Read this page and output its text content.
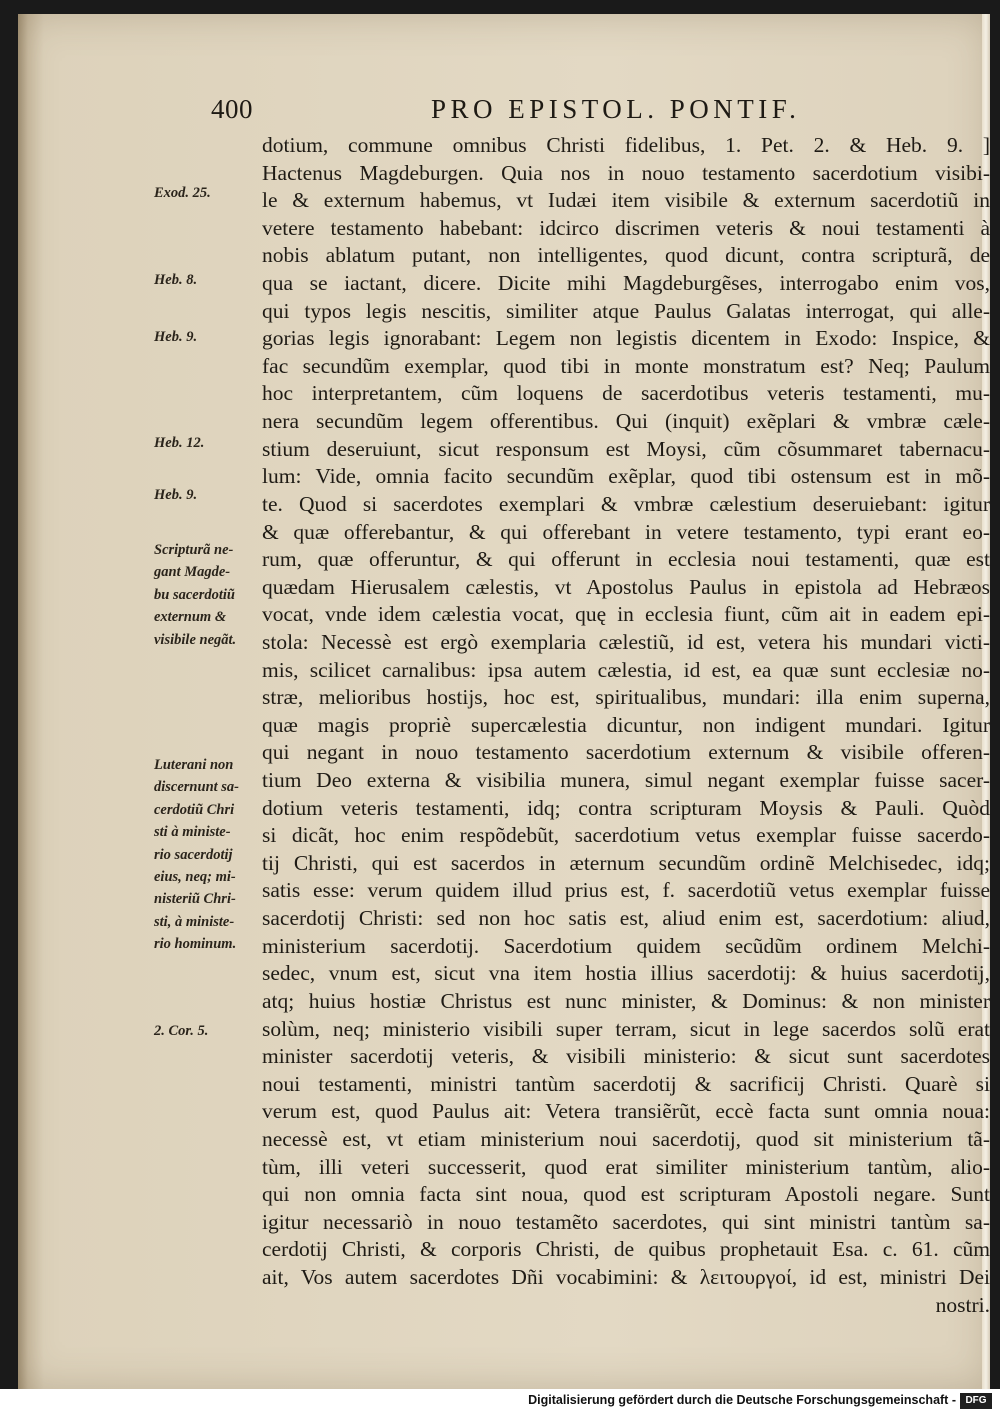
400	PRO EPISTOL. PONTIF.
Exod. 25.
Heb. 8.
Heb. 9.
Heb. 12.
Heb. 9.
Scripturã ne-
gant Magde-
bu sacerdotiũ
externum &
visibile negãt.
Luterani non
discernunt sa-
cerdotiũ Chri
sti à ministe-
rio sacerdotij
eius, neq; mi-
nisteriũ Chri-
sti, à ministe-
rio hominum.
2. Cor. 5.
dotium, commune omnibus Christi fidelibus, 1. Pet. 2. & Heb. 9. ]
Hactenus Magdeburgen. Quia nos in nouo testamento sacerdotium visibi-
le & externum habemus, vt Iudæi item visibile & externum sacerdotiũ in
vetere testamento habebant: idcirco discrimen veteris & noui testamenti à
nobis ablatum putant, non intelligentes, quod dicunt, contra scripturã, de
qua se iactant, dicere. Dicite mihi Magdeburgẽses, interrogabo enim vos,
qui typos legis nescitis, similiter atque Paulus Galatas interrogat, qui alle-
gorias legis ignorabant: Legem non legistis dicentem in Exodo: Inspice, &
fac secundũm exemplar, quod tibi in monte monstratum est? Neq; Paulum
hoc interpretantem, cũm loquens de sacerdotibus veteris testamenti, mu-
nera secundũm legem offerentibus. Qui (inquit) exẽplari & vmbræ cæle-
stium deseruiunt, sicut responsum est Moysi, cũm cõsummaret tabernacu-
lum: Vide, omnia facito secundũm exẽplar, quod tibi ostensum est in mõ-
te. Quod si sacerdotes exemplari & vmbræ cælestium deseruiebant: igitur
& quæ offerebantur, & qui offerebant in vetere testamento, typi erant eo-
rum, quæ offeruntur, & qui offerunt in ecclesia noui testamenti, quæ est
quædam Hierusalem cælestis, vt Apostolus Paulus in epistola ad Hebræos
vocat, vnde idem cælestia vocat, quę in ecclesia fiunt, cũm ait in eadem epi-
stola: Necessè est ergò exemplaria cælestiũ, id est, vetera his mundari victi-
mis, scilicet carnalibus: ipsa autem cælestia, id est, ea quæ sunt ecclesiæ no-
stræ, melioribus hostijs, hoc est, spiritualibus, mundari: illa enim superna,
quæ magis propriè supercælestia dicuntur, non indigent mundari. Igitur
qui negant in nouo testamento sacerdotium externum & visibile offeren-
tium Deo externa & visibilia munera, simul negant exemplar fuisse sacer-
dotium veteris testamenti, idq; contra scripturam Moysis & Pauli. Quòd
si dicãt, hoc enim respõdebũt, sacerdotium vetus exemplar fuisse sacerdo-
tij Christi, qui est sacerdos in æternum secundũm ordinẽ Melchisedec, idq;
satis esse: verum quidem illud prius est, f. sacerdotiũ vetus exemplar fuisse
sacerdotij Christi: sed non hoc satis est, aliud enim est, sacerdotium: aliud,
ministerium sacerdotij. Sacerdotium quidem secũdũm ordinem Melchi-
sedec, vnum est, sicut vna item hostia illius sacerdotij: & huius sacerdotij,
atq; huius hostiæ Christus est nunc minister, & Dominus: & non minister
solùm, neq; ministerio visibili super terram, sicut in lege sacerdos solũ erat
minister sacerdotij veteris, & visibili ministerio: & sicut sunt sacerdotes
noui testamenti, ministri tantùm sacerdotij & sacrificij Christi. Quarè si
verum est, quod Paulus ait: Vetera transiẽrũt, eccè facta sunt omnia noua:
necessè est, vt etiam ministerium noui sacerdotij, quod sit ministerium tã-
tùm, illi veteri successerit, quod erat similiter ministerium tantùm, alio-
qui non omnia facta sint noua, quod est scripturam Apostoli negare. Sunt
igitur necessariò in nouo testamẽto sacerdotes, qui sint ministri tantùm sa-
cerdotij Christi, & corporis Christi, de quibus prophetauit Esa. c. 61. cũm
ait, Vos autem sacerdotes Dñi vocabimini: & λειτουργοί, id est, ministri Dei
nostri.
Digitalisierung gefördert durch die Deutsche Forschungsgemeinschaft - DFG
